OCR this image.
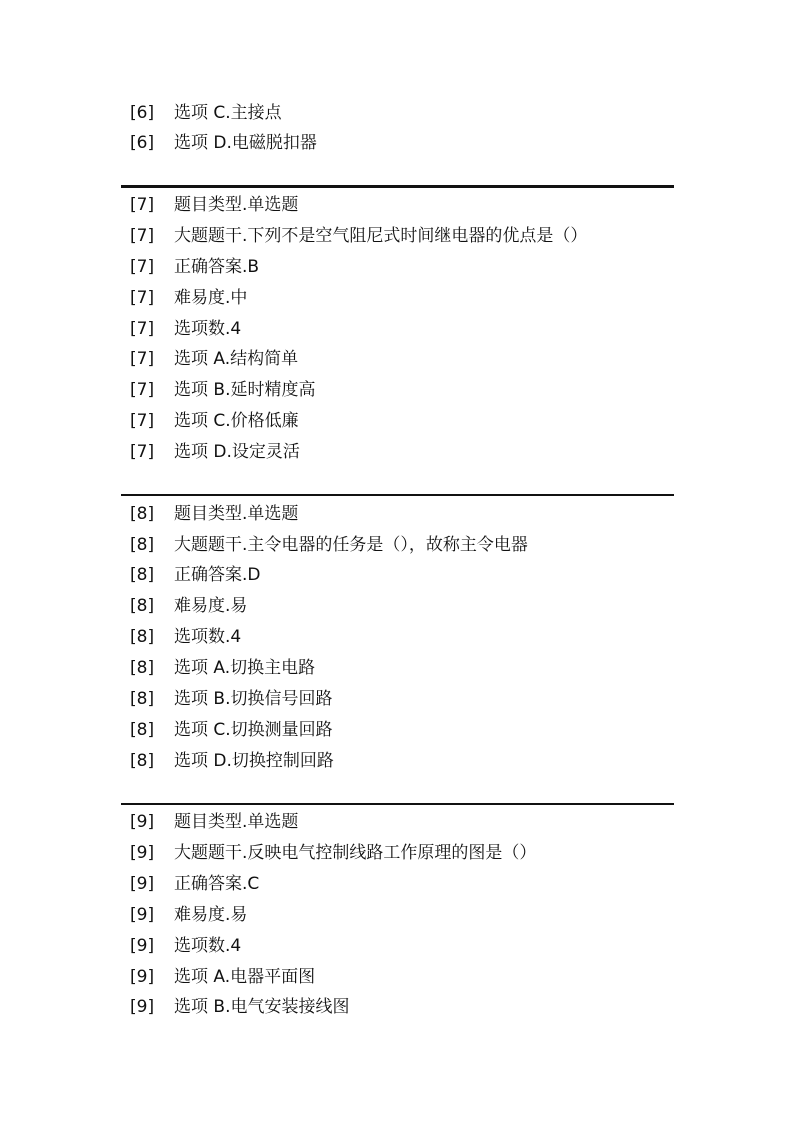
[6] 选项 C.主接点
[6] 选项 D.电磁脱扣器
[7] 题目类型.单选题
[7] 大题题干.下列不是空气阻尼式时间继电器的优点是（）
[7] 正确答案.B
[7] 难易度.中
[7] 选项数.4
[7] 选项 A.结构简单
[7] 选项 B.延时精度高
[7] 选项 C.价格低廉
[7] 选项 D.设定灵活
[8] 题目类型.单选题
[8] 大题题干.主令电器的任务是（），故称主令电器
[8] 正确答案.D
[8] 难易度.易
[8] 选项数.4
[8] 选项 A.切换主电路
[8] 选项 B.切换信号回路
[8] 选项 C.切换测量回路
[8] 选项 D.切换控制回路
[9] 题目类型.单选题
[9] 大题题干.反映电气控制线路工作原理的图是（）
[9] 正确答案.C
[9] 难易度.易
[9] 选项数.4
[9] 选项 A.电器平面图
[9] 选项 B.电气安装接线图
